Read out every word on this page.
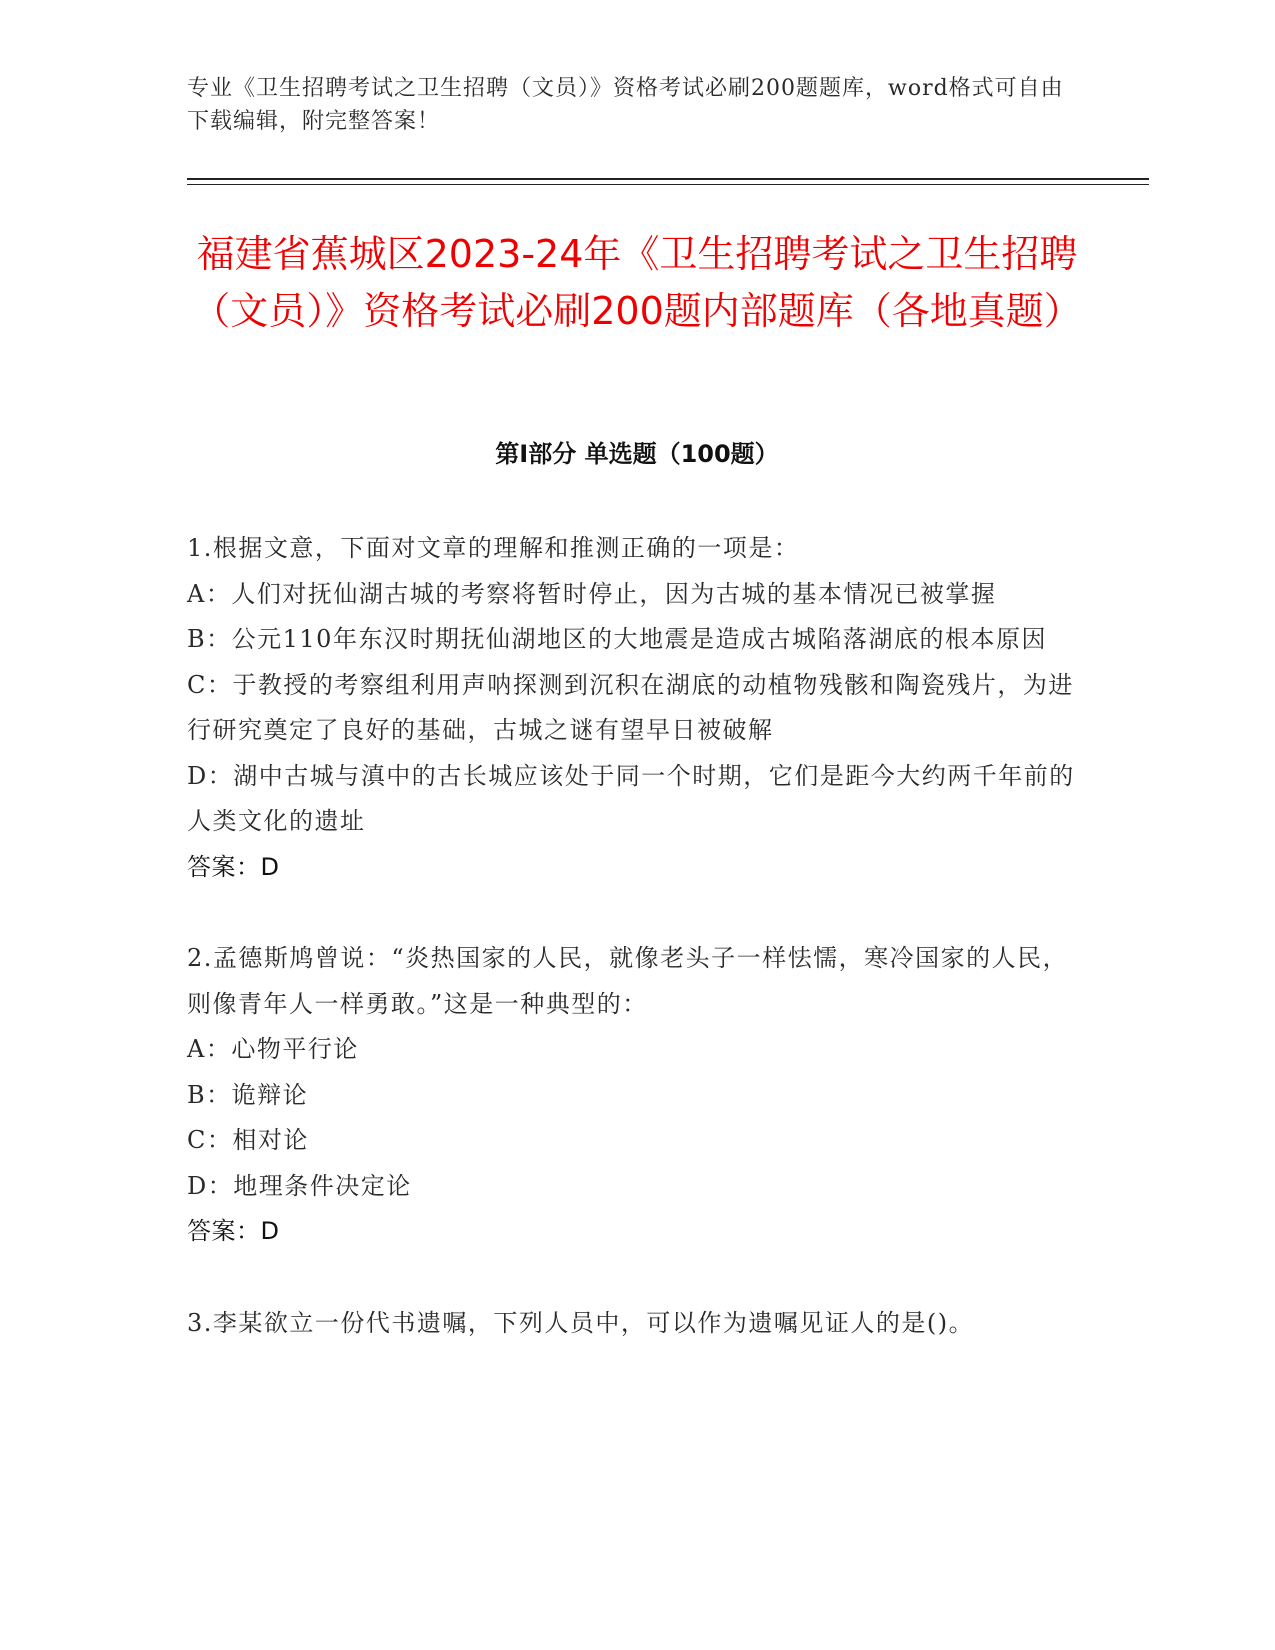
专业《卫生招聘考试之卫生招聘（文员）》资格考试必刷200题题库，word格式可自由下载编辑，附完整答案！
福建省蕉城区2023-24年《卫生招聘考试之卫生招聘（文员）》资格考试必刷200题内部题库（各地真题）
第Ⅰ部分 单选题（100题）

1.根据文意，下面对文章的理解和推测正确的一项是：

A：人们对抚仙湖古城的考察将暂时停止，因为古城的基本情况已被掌握

B：公元110年东汉时期抚仙湖地区的大地震是造成古城陷落湖底的根本原因

C：于教授的考察组利用声呐探测到沉积在湖底的动植物残骸和陶瓷残片，为进行研究奠定了良好的基础，古城之谜有望早日被破解

D：湖中古城与滇中的古长城应该处于同一个时期，它们是距今大约两千年前的人类文化的遗址

答案：D

2.孟德斯鸠曾说：“炎热国家的人民，就像老头子一样怯懦，寒冷国家的人民，则像青年人一样勇敢。”这是一种典型的：

A：心物平行论

B：诡辩论

C：相对论

D：地理条件决定论

答案：D

3.李某欲立一份代书遗嘱，下列人员中，可以作为遗嘱见证人的是()。
